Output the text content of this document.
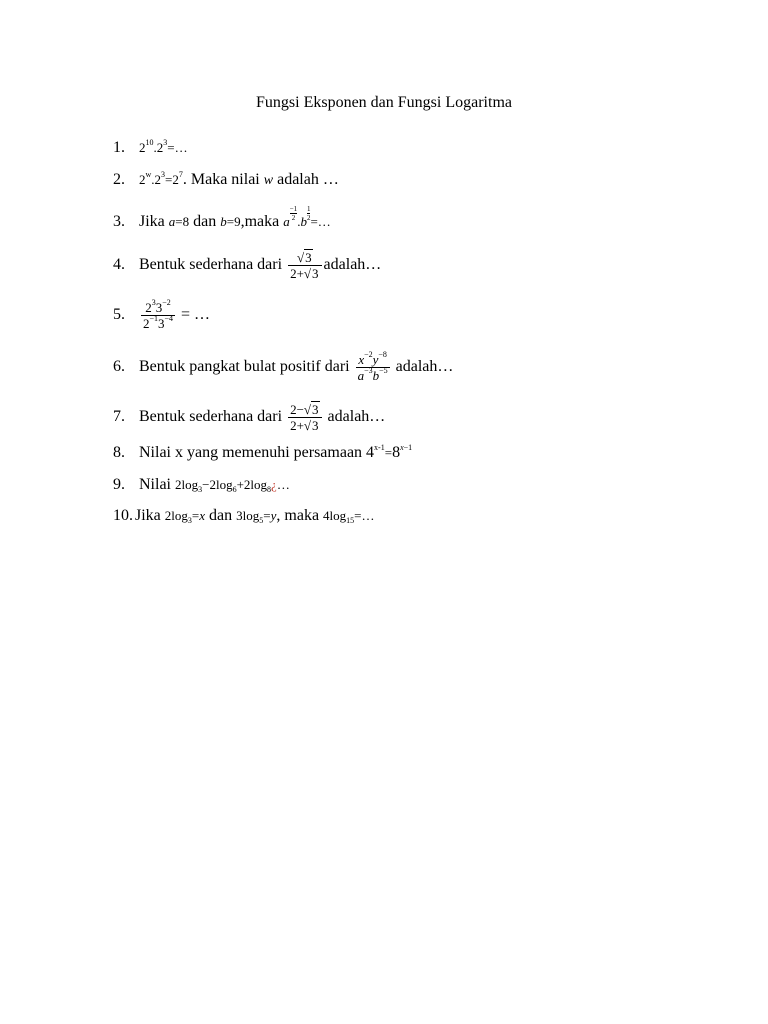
Fungsi Eksponen dan Fungsi Logaritma
1. $2^{10}.2^3=\dots$
2. $2^w.2^3=2^7$. Maka nilai w adalah …
3. Jika a=8 dan b=9,maka a $\frac{-1}{2} .b \frac{1}{2}$ =…
4. Bentuk sederhana dari $\frac{√3}{2+√3}$ adalah…
5. $\frac{2^33^{-2}}{2^{-1}3^{-4}}$ = …
6. Bentuk pangkat bulat positif dari $\frac{x^{-2}y^{-8}}{a^{-3}b^{-5}}$ adalah…
7. Bentuk sederhana dari $\frac{2-√3}{2+√3}$ adalah…
8. Nilai x yang memenuhi persamaan $4^{x-1}=8^{x-1}$
9. Nilai $2\log_3-2\log_6+2\log_8¿\dots$
10. Jika $2\log_3=x$ dan $3\log_5=y$, maka $4\log_{15}=\dots$
